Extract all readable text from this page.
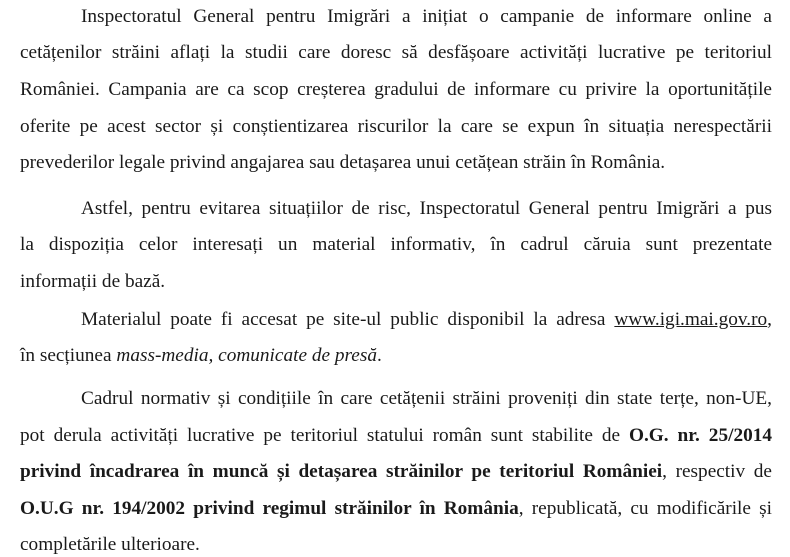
Inspectoratul General pentru Imigrări a inițiat o campanie de informare online a
cetățenilor străini aflați la studii care doresc să desfășoare activități lucrative pe teritoriul
României. Campania are ca scop creșterea gradului de informare cu privire la oportunitățile
oferite pe acest sector și conștientizarea riscurilor la care se expun în situația nerespectării
prevederilor legale privind angajarea sau detașarea unui cetățean străin în România.
Astfel, pentru evitarea situațiilor de risc, Inspectoratul General pentru Imigrări a pus
la dispoziția celor interesați un material informativ, în cadrul căruia sunt prezentate
informații de bază.
Materialul poate fi accesat pe site-ul public disponibil la adresa www.igi.mai.gov.ro,
în secțiunea mass-media, comunicate de presă.
Cadrul normativ și condițiile în care cetățenii străini proveniți din state terțe, non-UE,
pot derula activități lucrative pe teritoriul statului român sunt stabilite de O.G. nr. 25/2014
privind încadrarea în muncă și detașarea străinilor pe teritoriul României, respectiv de
O.U.G nr. 194/2002 privind regimul străinilor în România, republicată, cu modificările și
completările ulterioare.
